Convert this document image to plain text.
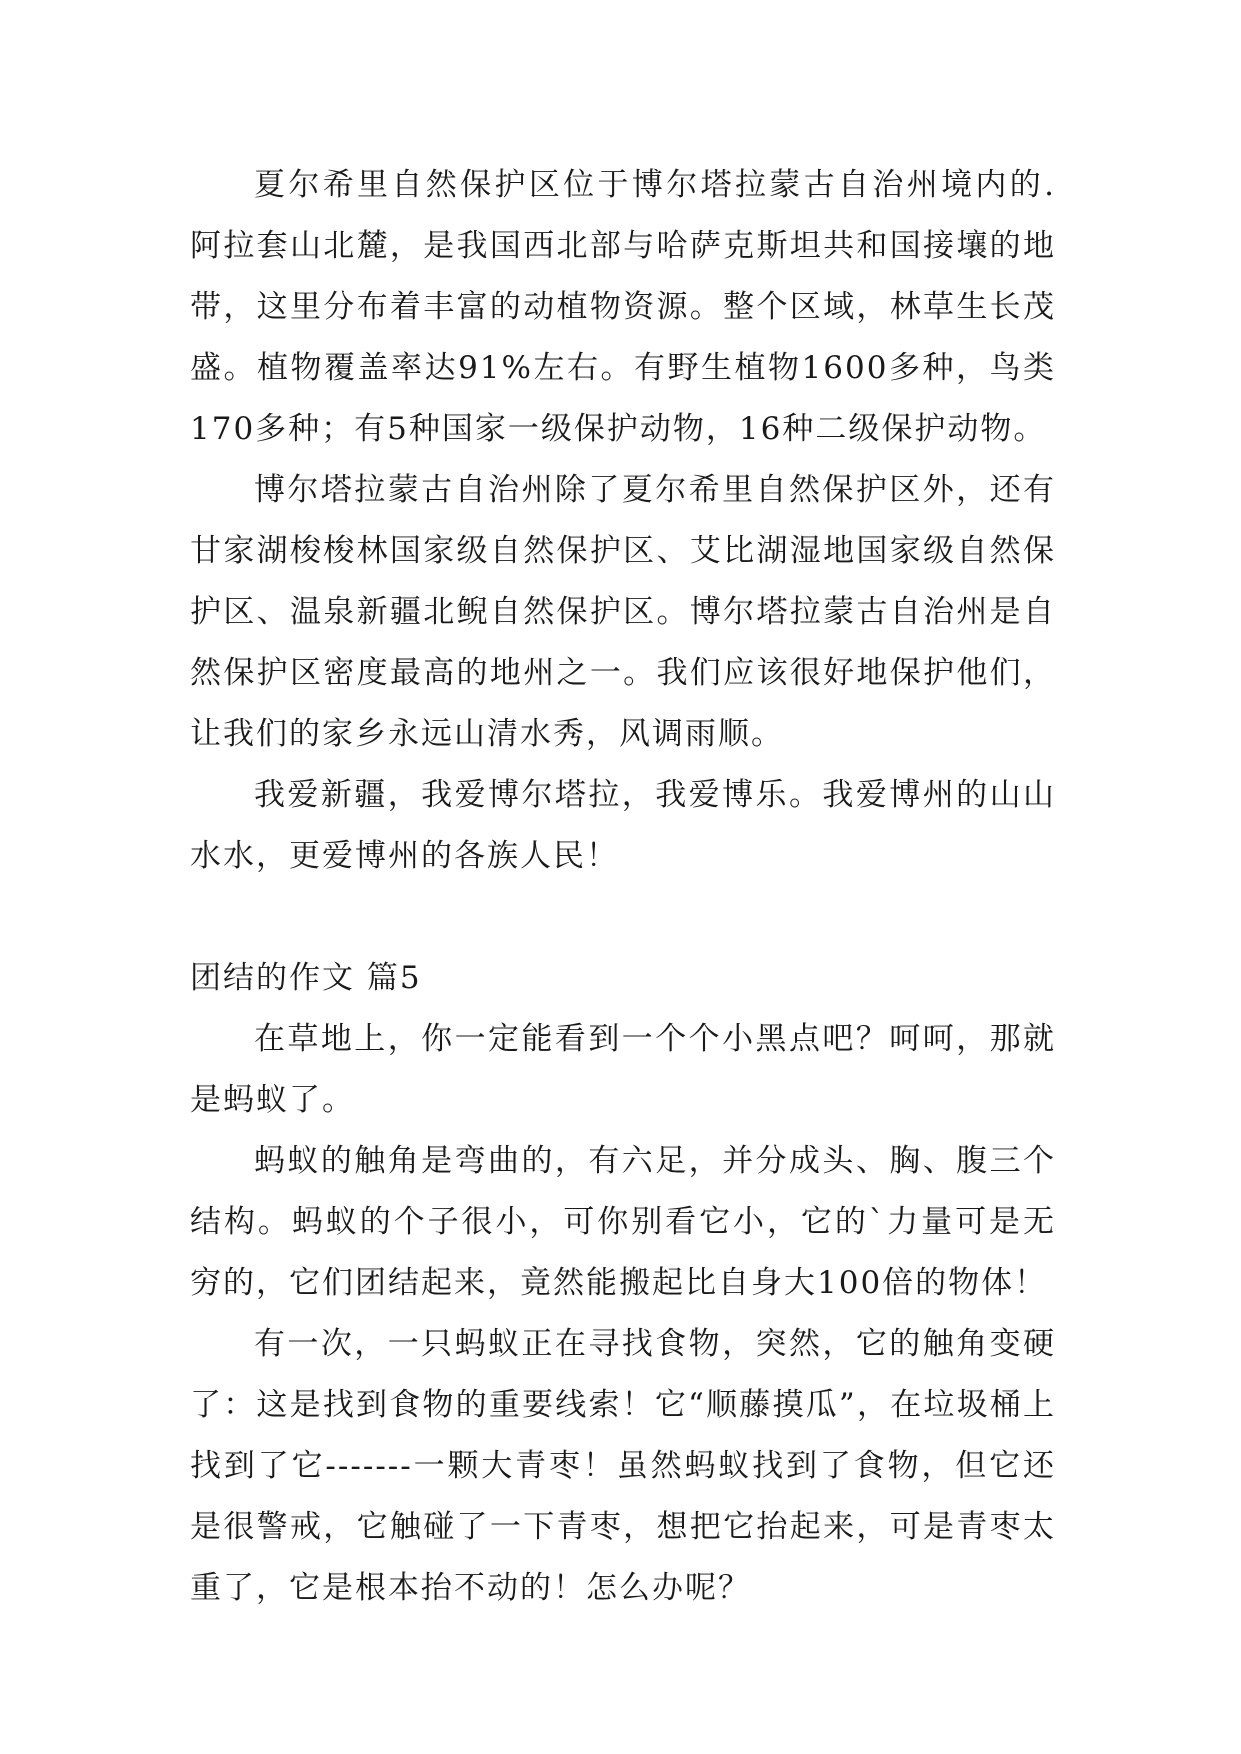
夏尔希里自然保护区位于博尔塔拉蒙古自治州境内的.阿拉套山北麓，是我国西北部与哈萨克斯坦共和国接壤的地带，这里分布着丰富的动植物资源。整个区域，林草生长茂盛。植物覆盖率达91%左右。有野生植物1600多种，鸟类170多种；有5种国家一级保护动物，16种二级保护动物。

博尔塔拉蒙古自治州除了夏尔希里自然保护区外，还有甘家湖梭梭林国家级自然保护区、艾比湖湿地国家级自然保护区、温泉新疆北鲵自然保护区。博尔塔拉蒙古自治州是自然保护区密度最高的地州之一。我们应该很好地保护他们，让我们的家乡永远山清水秀，风调雨顺。

我爱新疆，我爱博尔塔拉，我爱博乐。我爱博州的山山水水，更爱博州的各族人民！

团结的作文 篇5

在草地上，你一定能看到一个个小黑点吧？呵呵，那就是蚂蚁了。

蚂蚁的触角是弯曲的，有六足，并分成头、胸、腹三个结构。蚂蚁的个子很小，可你别看它小，它的`力量可是无穷的，它们团结起来，竟然能搬起比自身大100倍的物体！

有一次，一只蚂蚁正在寻找食物，突然，它的触角变硬了：这是找到食物的重要线索！它“顺藤摸瓜”，在垃圾桶上找到了它-------一颗大青枣！虽然蚂蚁找到了食物，但它还是很警戒，它触碰了一下青枣，想把它抬起来，可是青枣太重了，它是根本抬不动的！怎么办呢？
